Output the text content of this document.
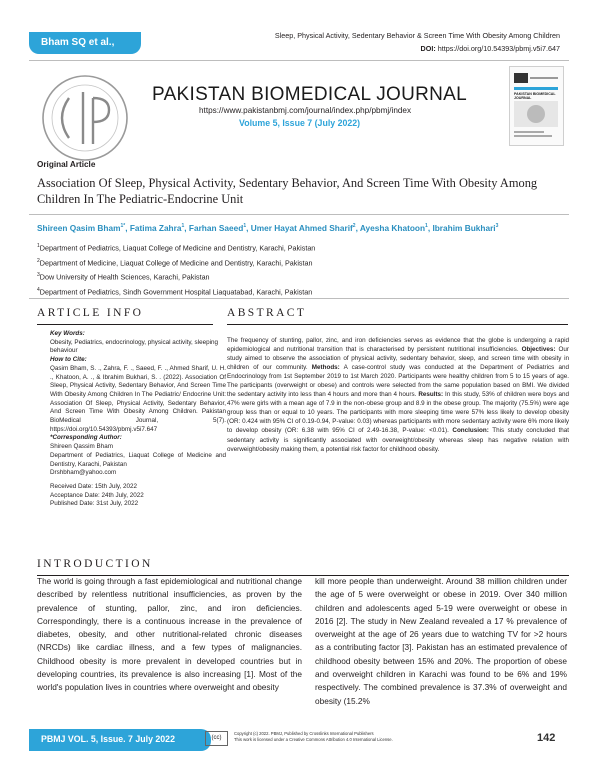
Bham SQ et al.,
Sleep, Physical Activity, Sedentary Behavior & Screen Time With Obesity Among Children
DOI: https://doi.org/10.54393/pbmj.v5i7.647
PAKISTAN BIOMEDICAL JOURNAL
https://www.pakistanbmj.com/journal/index.php/pbmj/index
Volume 5, Issue 7 (July 2022)
PAKISTAN BIOMEDICAL JOURNAL
Original Article
Association Of Sleep, Physical Activity, Sedentary Behavior, And Screen Time With Obesity Among Children In The Pediatric-Endocrine Unit
Shireen Qasim Bham$^{1*}$, Fatima Zahra$^1$, Farhan Saeed$^1$, Umer Hayat Ahmed Sharif$^2$, Ayesha Khatoon$^1$, Ibrahim Bukhari$^3$
$^1$Department of Pediatrics, Liaquat College of Medicine and Dentistry, Karachi, Pakistan
$^2$Department of Medicine, Liaquat College of Medicine and Dentistry, Karachi, Pakistan
$^3$Dow University of Health Sciences, Karachi, Pakistan
$^4$Department of Pediatrics, Sindh Government Hospital Liaquatabad, Karachi, Pakistan
ARTICLE INFO	ABSTRACT

Key Words:

Obesity, Pediatrics, endocrinology, physical activity, sleeping behaviour

How to Cite:

Qasim Bham, S. ., Zahra, F. ., Saeed, F. ., Ahmed Sharif, U. H. ., Khatoon, A. ., & Ibrahim Bukhari, S. . (2022). Association Of Sleep, Physical Activity, Sedentary Behavior, And Screen Time With Obesity Among Children In The Pediatric/ Endocrine Unit: Association Of Sleep, Physical Activity, Sedentary Behavior, And Screen Time With Obesity Among Children. Pakistan BioMedical Journal, 5(7). https://doi.org/10.54393/pbmj.v5i7.647

*Corresponding Author:

Shireen Qassim Bham

Department of Pediatrics, Liaquat College of Medicine and Dentistry, Karachi, Pakistan

Drshbham@yahoo.com

Received Date: 15th July, 2022

Acceptance Date: 24th July, 2022

Published Date: 31st July, 2022

The frequency of stunting, pallor, zinc, and iron deficiencies serves as evidence that the globe is undergoing a rapid epidemiological and nutritional transition that is characterised by persistent nutritional insufficiencies. Objectives: Our study aimed to observe the association of physical activity, sedentary behavior, sleep, and screen time with obesity in children of our community. Methods: A case-control study was conducted at the Department of Pediatrics and Endocrinology from 1st September 2019 to 1st March 2020. Participants were healthy children from 5 to 15 years of age. The participants (overweight or obese) and controls were selected from the same population based on BMI. We divided the sedentary activity into less than 4 hours and more than 4 hours. Results: In this study, 53% of children were boys and 47% were girls with a mean age of 7.9 in the non-obese group and 8.9 in the obese group. The majority (75.5%) were age group less than or equal to 10 years. The participants with more sleeping time were 57% less likely to develop obesity (OR: 0.424 with 95% CI of 0.19-0.94, P-value: 0.03) whereas participants with more sedentary activity were 6% more likely to develop obesity (OR: 6.38 with 95% CI of 2.49-16.38, P-value: <0.01). Conclusion: This study concluded that sedentary activity is significantly associated with overweight/obesity whereas sleep has negative relation with overweight/obesity making them, a potential risk factor for childhood obesity.
INTRODUCTION
The world is going through a fast epidemiological and nutritional change described by relentless nutritional insufficiencies, as proven by the prevalence of stunting, pallor, zinc, and iron deficiencies. Correspondingly, there is a continuous increase in the prevalence of diabetes, obesity, and other nutritional-related chronic diseases (NRCDs) like cardiac illness, and a few types of malignancies. Childhood obesity is more prevalent in developed countries but in developing countries, its prevalence is also increasing [1]. Most of the world's population lives in countries where overweight and obesity
kill more people than underweight. Around 38 million children under the age of 5 were overweight or obese in 2019. Over 340 million children and adolescents aged 5-19 were overweight or obese in 2016 [2]. The study in New Zealand revealed a 17 % prevalence of overweight at the age of 26 years due to watching TV for >2 hours as a contributing factor [3]. Pakistan has an estimated prevalence of childhood obesity between 15% and 20%. The proportion of obese and overweight children in Karachi was found to be 6% and 19% respectively. The combined prevalence is 37.3% of overweight and obesity (15.2%
PBMJ VOL. 5, Issue. 7 July 2022	(cc)
Copyright (c) 2022. PBMJ, Published by Crosslinks International Publishers
This work is licensed under a Creative Commons Attribution 4.0 International License.	142
